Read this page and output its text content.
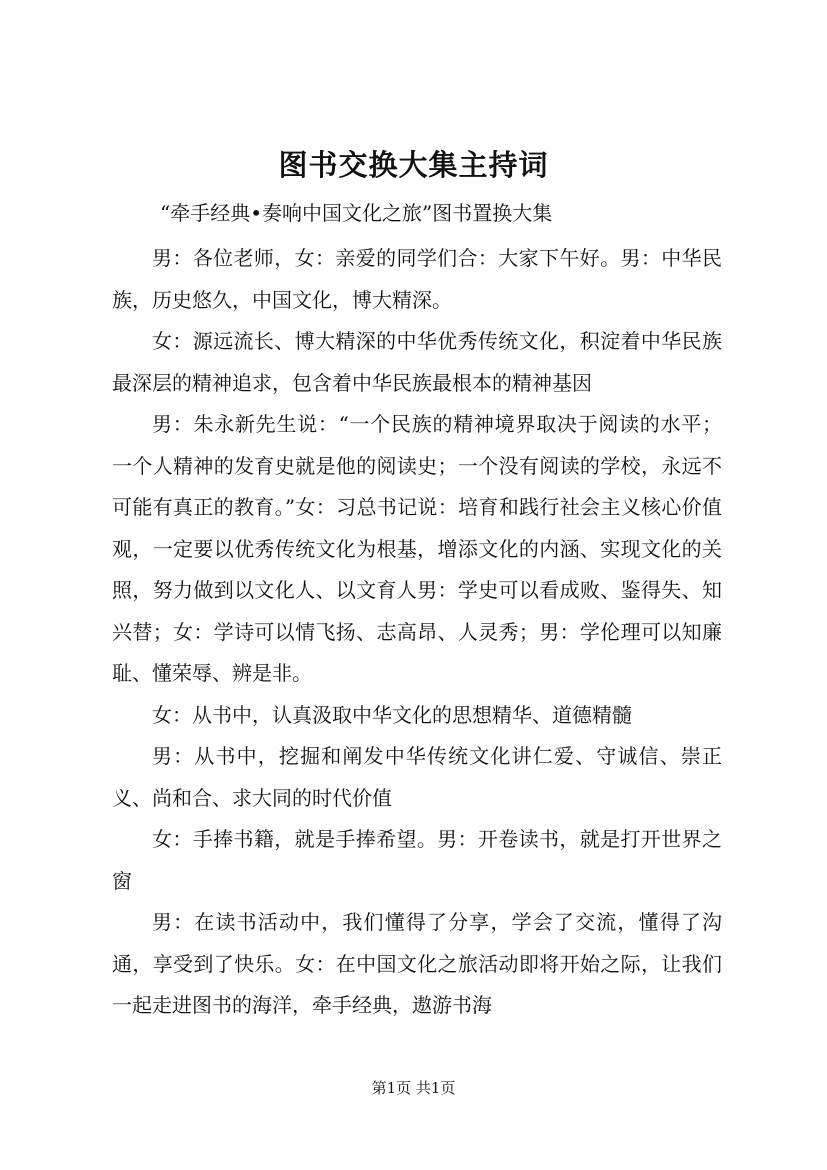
图书交换大集主持词
“牵手经典•奏响中国文化之旅”图书置换大集

男：各位老师，女：亲爱的同学们合：大家下午好。男：中华民族，历史悠久，中国文化，博大精深。

女：源远流长、博大精深的中华优秀传统文化，积淀着中华民族最深层的精神追求，包含着中华民族最根本的精神基因

男：朱永新先生说：“一个民族的精神境界取决于阅读的水平；一个人精神的发育史就是他的阅读史；一个没有阅读的学校，永远不可能有真正的教育。”女：习总书记说：培育和践行社会主义核心价值观，一定要以优秀传统文化为根基，增添文化的内涵、实现文化的关照，努力做到以文化人、以文育人男：学史可以看成败、鉴得失、知兴替；女：学诗可以情飞扬、志高昂、人灵秀；男：学伦理可以知廉耻、懂荣辱、辨是非。

女：从书中，认真汲取中华文化的思想精华、道德精髓

男：从书中，挖掘和阐发中华传统文化讲仁爱、守诚信、崇正义、尚和合、求大同的时代价值

女：手捧书籍，就是手捧希望。男：开卷读书，就是打开世界之窗

男：在读书活动中，我们懂得了分享，学会了交流，懂得了沟通，享受到了快乐。女：在中国文化之旅活动即将开始之际，让我们一起走进图书的海洋，牵手经典，遨游书海

第1页 共1页
